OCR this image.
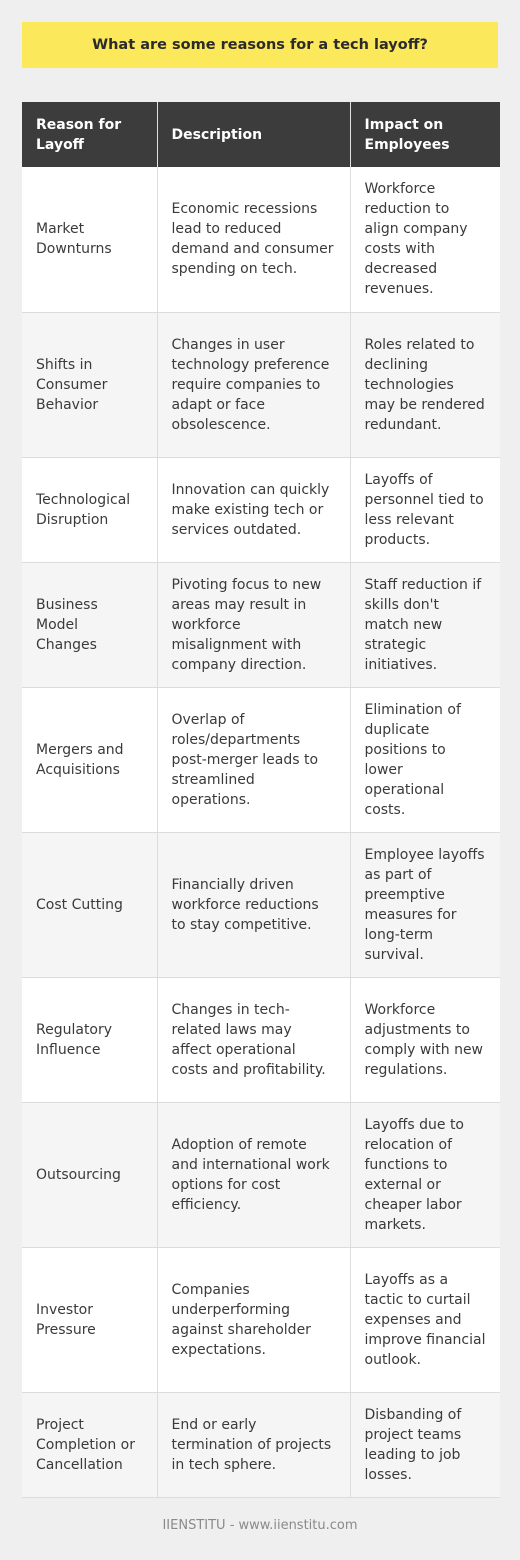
What are some reasons for a tech layoff?
Reason for Layoff	Description	Impact on Employees
Market Downturns	Economic recessions lead to reduced demand and consumer spending on tech.	Workforce reduction to align company costs with decreased revenues.
Shifts in Consumer Behavior	Changes in user technology preference require companies to adapt or face obsolescence.	Roles related to declining technologies may be rendered redundant.
Technological Disruption	Innovation can quickly make existing tech or services outdated.	Layoffs of personnel tied to less relevant products.
Business Model Changes	Pivoting focus to new areas may result in workforce misalignment with company direction.	Staff reduction if skills don't match new strategic initiatives.
Mergers and Acquisitions	Overlap of roles/departments post-merger leads to streamlined operations.	Elimination of duplicate positions to lower operational costs.
Cost Cutting	Financially driven workforce reductions to stay competitive.	Employee layoffs as part of preemptive measures for long-term survival.
Regulatory Influence	Changes in tech-related laws may affect operational costs and profitability.	Workforce adjustments to comply with new regulations.
Outsourcing	Adoption of remote and international work options for cost efficiency.	Layoffs due to relocation of functions to external or cheaper labor markets.
Investor Pressure	Companies underperforming against shareholder expectations.	Layoffs as a tactic to curtail expenses and improve financial outlook.
Project Completion or Cancellation	End or early termination of projects in tech sphere.	Disbanding of project teams leading to job losses.

IIENSTITU - www.iienstitu.com
